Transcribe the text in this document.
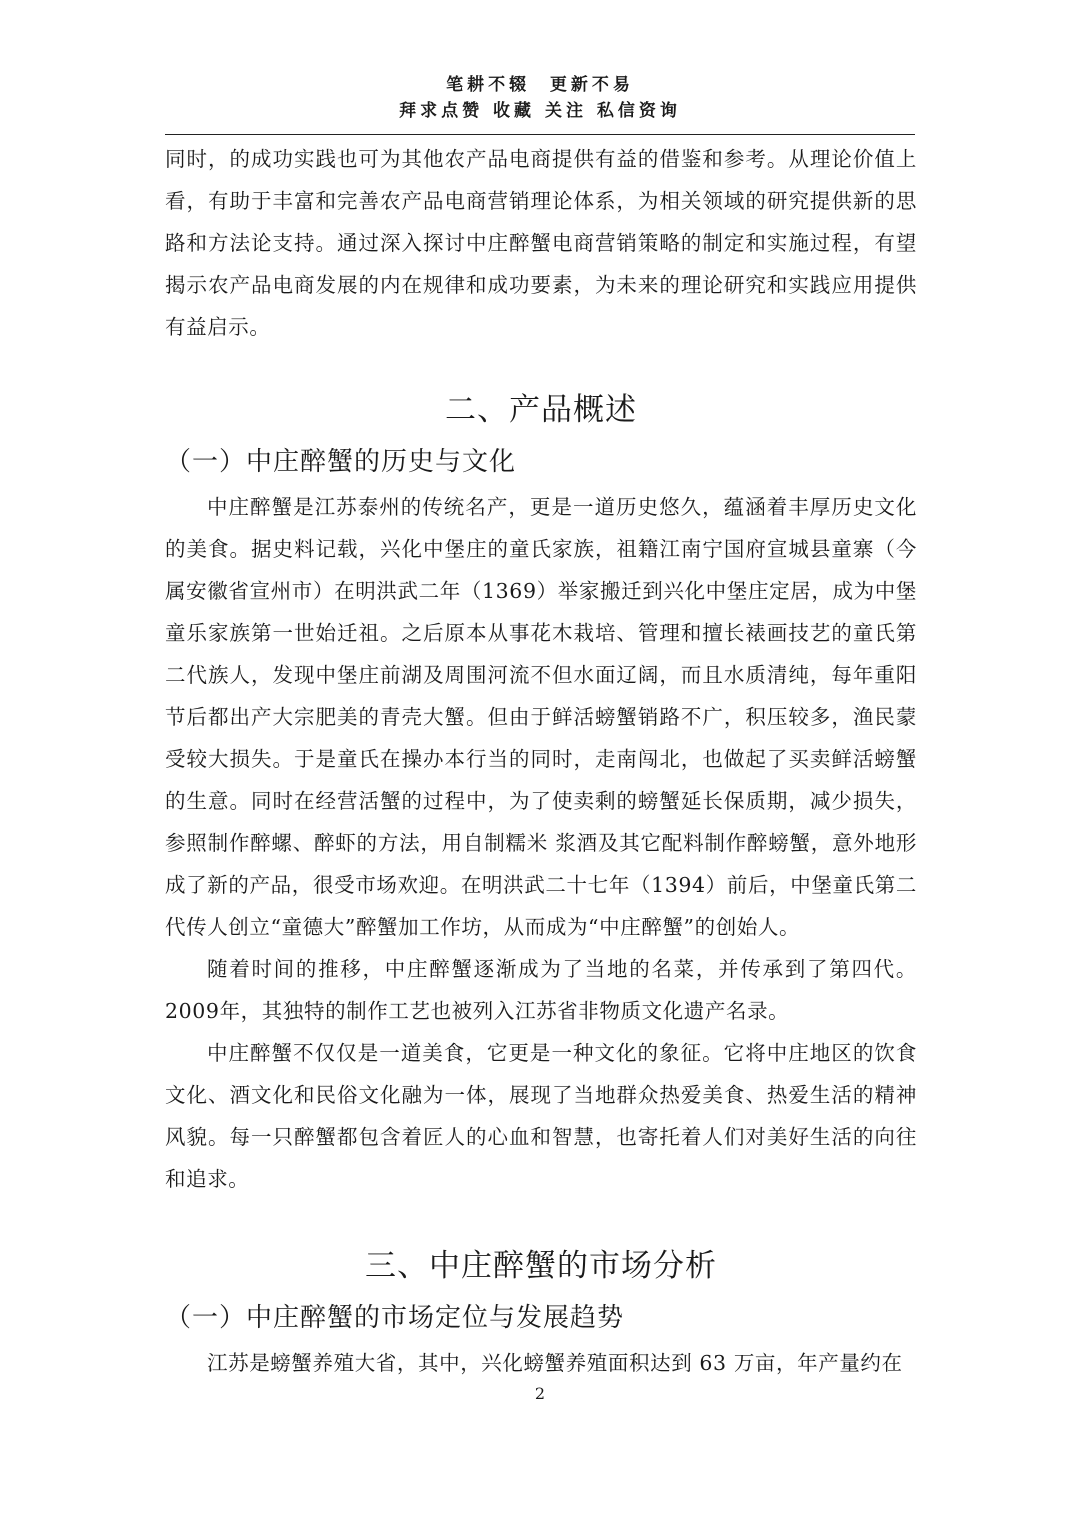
笔耕不辍  更新不易
拜求点赞 收藏 关注 私信资询

同时，的成功实践也可为其他农产品电商提供有益的借鉴和参考。从理论价值上看，有助于丰富和完善农产品电商营销理论体系，为相关领域的研究提供新的思路和方法论支持。通过深入探讨中庄醉蟹电商营销策略的制定和实施过程，有望揭示农产品电商发展的内在规律和成功要素，为未来的理论研究和实践应用提供有益启示。

二、产品概述
（一）中庄醉蟹的历史与文化

中庄醉蟹是江苏泰州的传统名产，更是一道历史悠久，蕴涵着丰厚历史文化的美食。据史料记载，兴化中堡庄的童氏家族，祖籍江南宁国府宣城县童寨（今属安徽省宣州市）在明洪武二年（1369）举家搬迁到兴化中堡庄定居，成为中堡童乐家族第一世始迁祖。之后原本从事花木栽培、管理和擅长裱画技艺的童氏第二代族人，发现中堡庄前湖及周围河流不但水面辽阔，而且水质清纯，每年重阳节后都出产大宗肥美的青壳大蟹。但由于鲜活螃蟹销路不广，积压较多，渔民蒙受较大损失。于是童氏在操办本行当的同时，走南闯北，也做起了买卖鲜活螃蟹的生意。同时在经营活蟹的过程中，为了使卖剩的螃蟹延长保质期，减少损失，参照制作醉螺、醉虾的方法，用自制糯米 浆酒及其它配料制作醉螃蟹，意外地形成了新的产品，很受市场欢迎。在明洪武二十七年（1394）前后，中堡童氏第二代传人创立“童德大”醉蟹加工作坊，从而成为“中庄醉蟹”的创始人。

随着时间的推移，中庄醉蟹逐渐成为了当地的名菜，并传承到了第四代。2009年，其独特的制作工艺也被列入江苏省非物质文化遗产名录。

中庄醉蟹不仅仅是一道美食，它更是一种文化的象征。它将中庄地区的饮食文化、酒文化和民俗文化融为一体，展现了当地群众热爱美食、热爱生活的精神风貌。每一只醉蟹都包含着匠人的心血和智慧，也寄托着人们对美好生活的向往和追求。

三、中庄醉蟹的市场分析
（一）中庄醉蟹的市场定位与发展趋势

江苏是螃蟹养殖大省，其中，兴化螃蟹养殖面积达到 63 万亩，年产量约在

2
